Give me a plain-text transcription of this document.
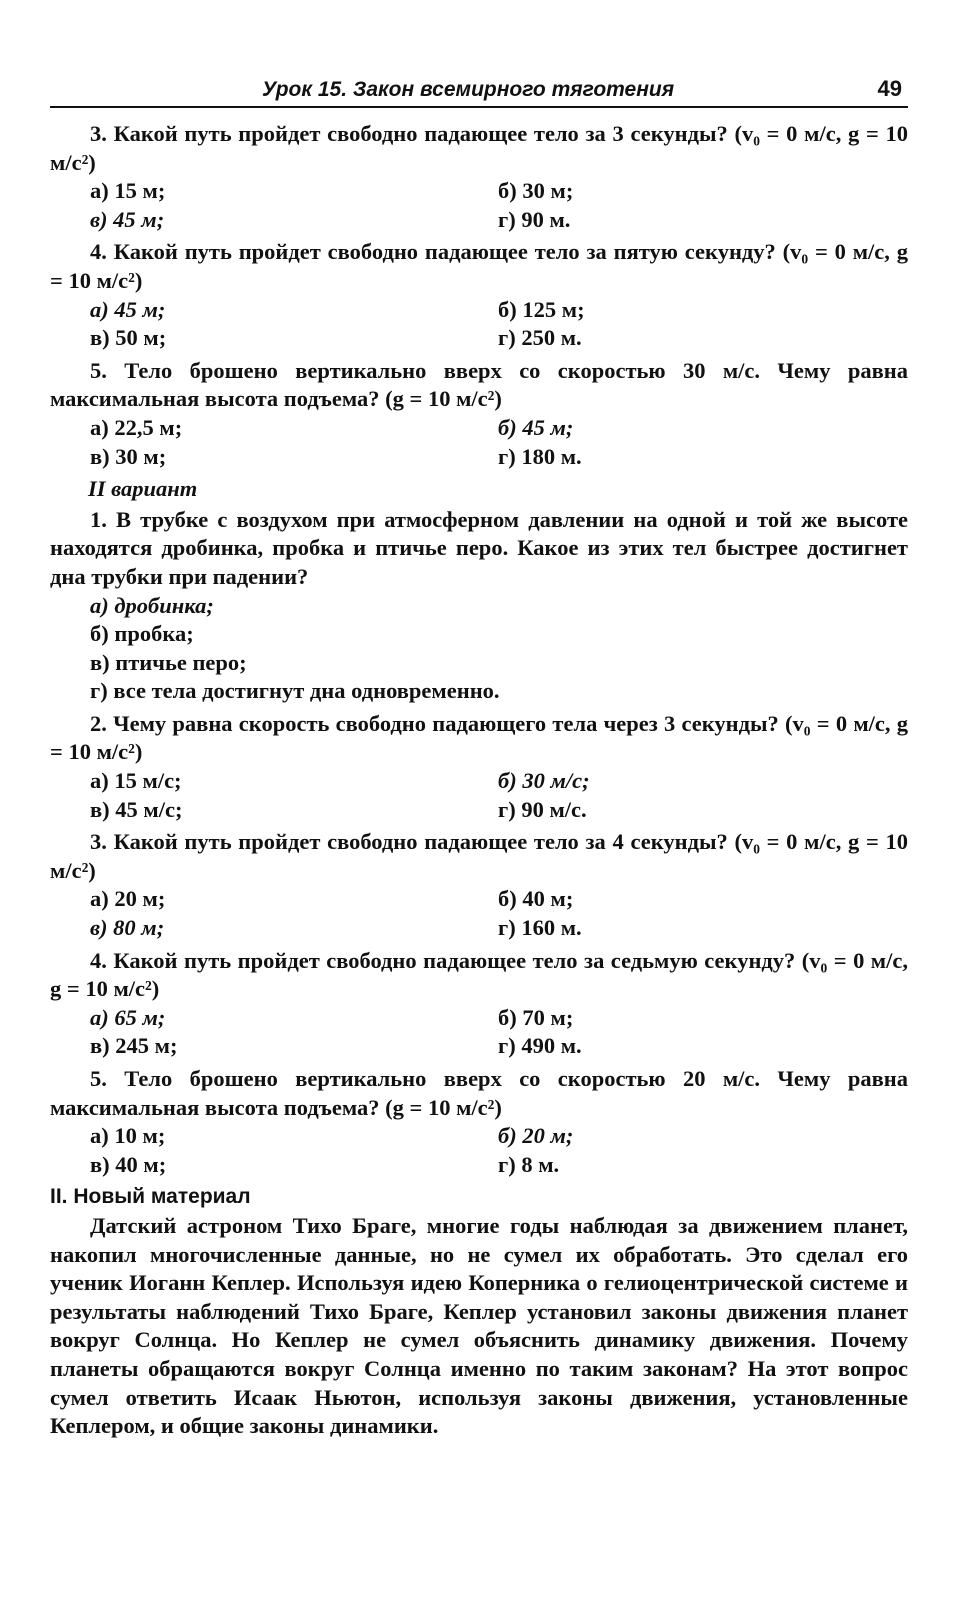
Урок 15. Закон всемирного тяготения	49

3. Какой путь пройдет свободно падающее тело за 3 секунды? (v₀ = 0 м/с, g = 10 м/с²)

а) 15 м;	б) 30 м;
в) 45 м;	г) 90 м.

4. Какой путь пройдет свободно падающее тело за пятую секунду? (v₀ = 0 м/с, g = 10 м/с²)

а) 45 м;	б) 125 м;
в) 50 м;	г) 250 м.

5. Тело брошено вертикально вверх со скоростью 30 м/с. Чему равна максимальная высота подъема? (g = 10 м/с²)

а) 22,5 м;	б) 45 м;
в) 30 м;	г) 180 м.
II вариант

1. В трубке с воздухом при атмосферном давлении на одной и той же высоте находятся дробинка, пробка и птичье перо. Какое из этих тел быстрее достигнет дна трубки при падении?

а) дробинка;
б) пробка;
в) птичье перо;
г) все тела достигнут дна одновременно.

2. Чему равна скорость свободно падающего тела через 3 секунды? (v₀ = 0 м/с, g = 10 м/с²)

а) 15 м/с;	б) 30 м/с;
в) 45 м/с;	г) 90 м/с.

3. Какой путь пройдет свободно падающее тело за 4 секунды? (v₀ = 0 м/с, g = 10 м/с²)

а) 20 м;	б) 40 м;
в) 80 м;	г) 160 м.

4. Какой путь пройдет свободно падающее тело за седьмую секунду? (v₀ = 0 м/с, g = 10 м/с²)

а) 65 м;	б) 70 м;
в) 245 м;	г) 490 м.

5. Тело брошено вертикально вверх со скоростью 20 м/с. Чему равна максимальная высота подъема? (g = 10 м/с²)

а) 10 м;	б) 20 м;
в) 40 м;	г) 8 м.
II. Новый материал

Датский астроном Тихо Браге, многие годы наблюдая за движением планет, накопил многочисленные данные, но не сумел их обработать. Это сделал его ученик Иоганн Кеплер. Используя идею Коперника о гелиоцентрической системе и результаты наблюдений Тихо Браге, Кеплер установил законы движения планет вокруг Солнца. Но Кеплер не сумел объяснить динамику движения. Почему планеты обращаются вокруг Солнца именно по таким законам? На этот вопрос сумел ответить Исаак Ньютон, используя законы движения, установленные Кеплером, и общие законы динамики.
